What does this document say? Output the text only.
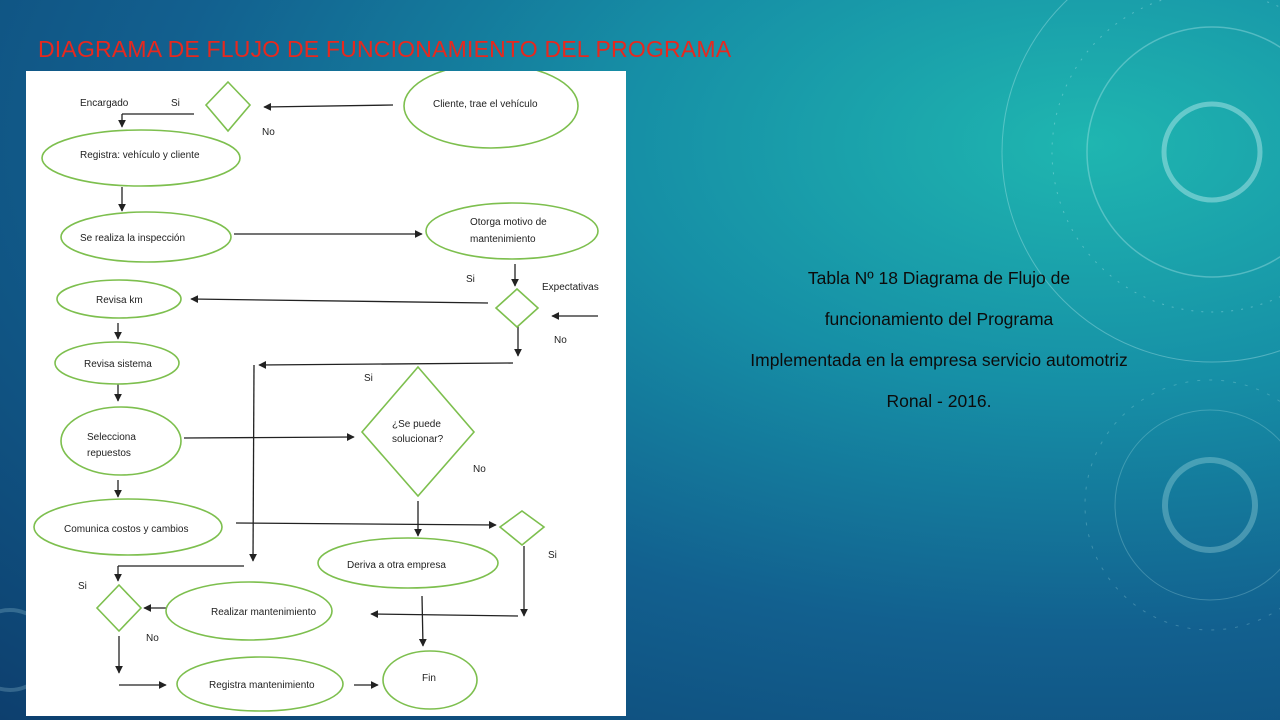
DIAGRAMA DE FLUJO DE FUNCIONAMIENTO DEL PROGRAMA
Cliente, trae el vehículo
Registra: vehículo y cliente
Se realiza la inspección
Otorga motivo de
mantenimiento
Revisa km
Revisa sistema
Selecciona
repuestos
¿Se puede
solucionar?
Comunica costos y cambios
Deriva a otra empresa
Realizar mantenimiento
Registra mantenimiento
Fin
Encargado	Si
No
Si
Expectativas
No
Si
No
Si
Si
No
Tabla Nº 18 Diagrama de Flujo de
funcionamiento del Programa
Implementada en la empresa servicio automotriz
Ronal - 2016.
